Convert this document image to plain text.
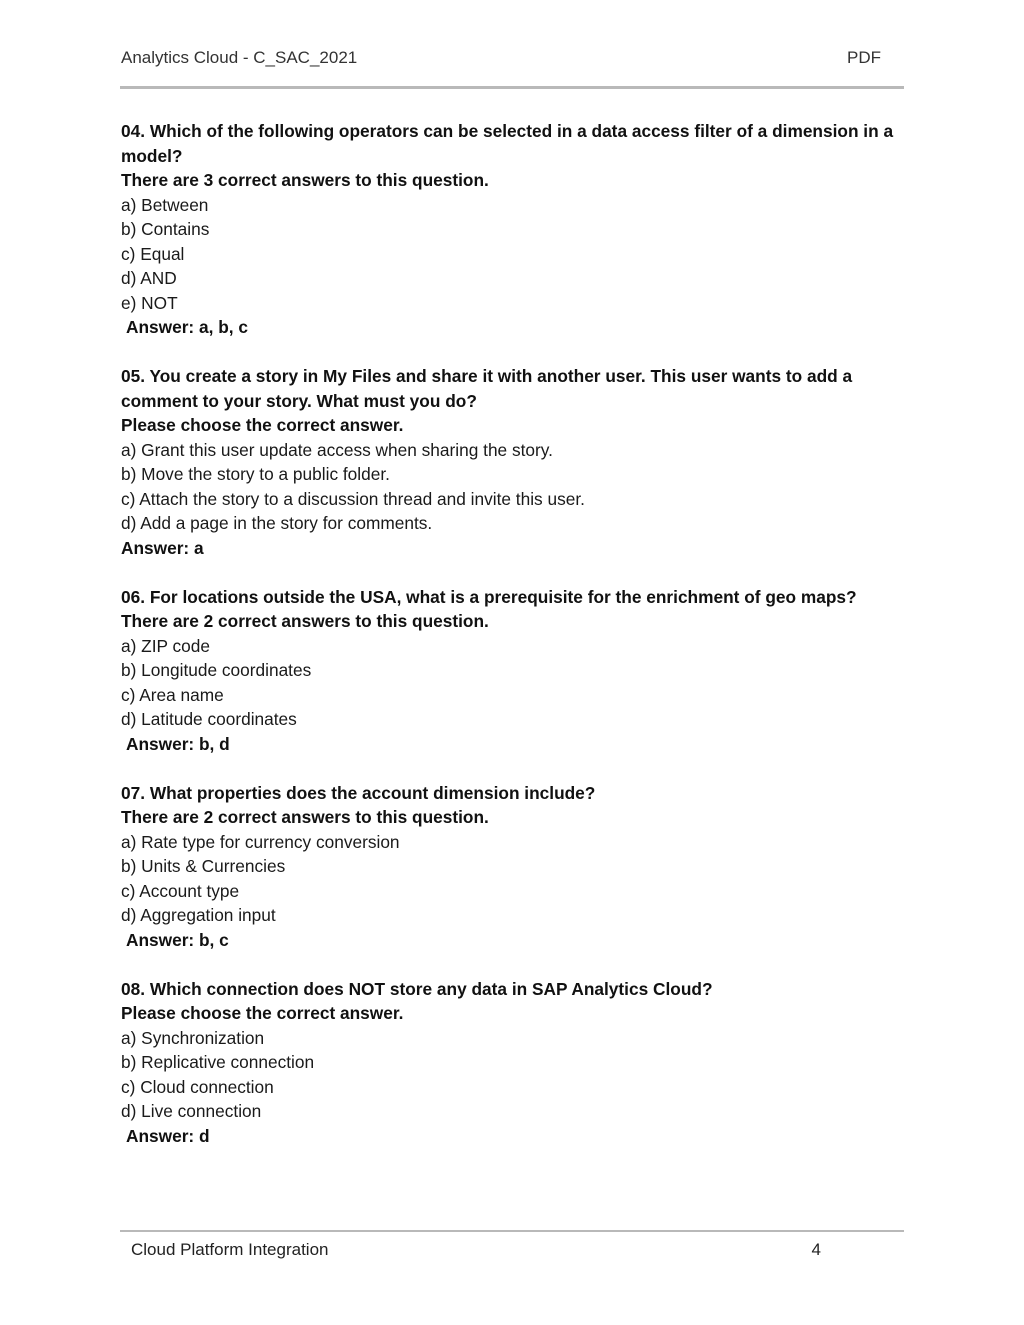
Analytics Cloud - C_SAC_2021	PDF
04. Which of the following operators can be selected in a data access filter of a dimension in a model?
There are 3 correct answers to this question.
a) Between
b) Contains
c) Equal
d) AND
e) NOT
Answer: a, b, c
05. You create a story in My Files and share it with another user. This user wants to add a comment to your story. What must you do?
Please choose the correct answer.
a) Grant this user update access when sharing the story.
b) Move the story to a public folder.
c) Attach the story to a discussion thread and invite this user.
d) Add a page in the story for comments.
Answer: a
06. For locations outside the USA, what is a prerequisite for the enrichment of geo maps?
There are 2 correct answers to this question.
a) ZIP code
b) Longitude coordinates
c) Area name
d) Latitude coordinates
Answer: b, d
07. What properties does the account dimension include?
There are 2 correct answers to this question.
a) Rate type for currency conversion
b) Units & Currencies
c) Account type
d) Aggregation input
Answer: b, c
08. Which connection does NOT store any data in SAP Analytics Cloud?
Please choose the correct answer.
a) Synchronization
b) Replicative connection
c) Cloud connection
d) Live connection
Answer: d
Cloud Platform Integration	4
